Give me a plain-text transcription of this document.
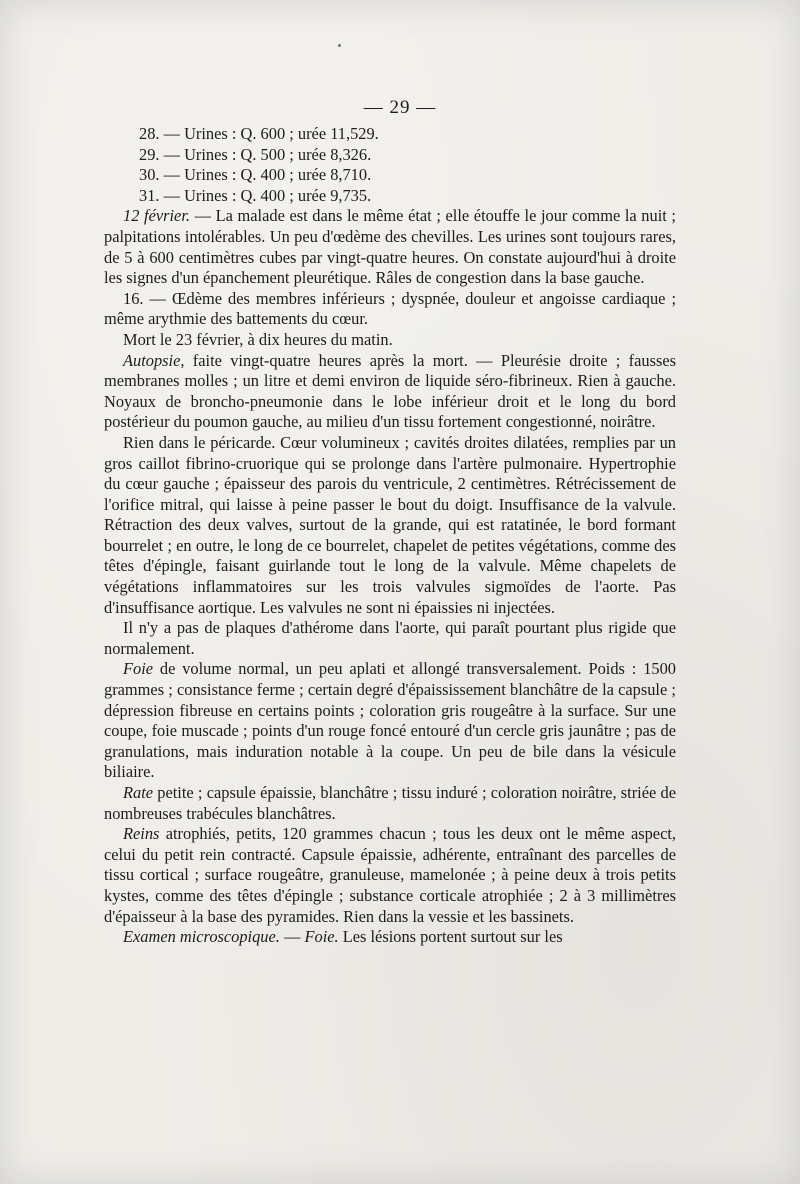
— 29 —

28. — Urines : Q. 600 ; urée 11,529.

29. — Urines : Q. 500 ; urée 8,326.

30. — Urines : Q. 400 ; urée 8,710.

31. — Urines : Q. 400 ; urée 9,735.

12 février. — La malade est dans le même état ; elle étouffe le jour comme la nuit ; palpitations intolérables. Un peu d'œdème des chevilles. Les urines sont toujours rares, de 5 à 600 centimètres cubes par vingt-quatre heures. On constate aujourd'hui à droite les signes d'un épanchement pleurétique. Râles de congestion dans la base gauche.

16. — Œdème des membres inférieurs ; dyspnée, douleur et angoisse cardiaque ; même arythmie des battements du cœur.

Mort le 23 février, à dix heures du matin.

Autopsie, faite vingt-quatre heures après la mort. — Pleurésie droite ; fausses membranes molles ; un litre et demi environ de liquide séro-fibrineux. Rien à gauche. Noyaux de broncho-pneumonie dans le lobe inférieur droit et le long du bord postérieur du poumon gauche, au milieu d'un tissu fortement congestionné, noirâtre.

Rien dans le péricarde. Cœur volumineux ; cavités droites dilatées, remplies par un gros caillot fibrino-cruorique qui se prolonge dans l'artère pulmonaire. Hypertrophie du cœur gauche ; épaisseur des parois du ventricule, 2 centimètres. Rétrécissement de l'orifice mitral, qui laisse à peine passer le bout du doigt. Insuffisance de la valvule. Rétraction des deux valves, surtout de la grande, qui est ratatinée, le bord formant bourrelet ; en outre, le long de ce bourrelet, chapelet de petites végétations, comme des têtes d'épingle, faisant guirlande tout le long de la valvule. Même chapelets de végétations inflammatoires sur les trois valvules sigmoïdes de l'aorte. Pas d'insuffisance aortique. Les valvules ne sont ni épaissies ni injectées.

Il n'y a pas de plaques d'athérome dans l'aorte, qui paraît pourtant plus rigide que normalement.

Foie de volume normal, un peu aplati et allongé transversalement. Poids : 1500 grammes ; consistance ferme ; certain degré d'épaississement blanchâtre de la capsule ; dépression fibreuse en certains points ; coloration gris rougeâtre à la surface. Sur une coupe, foie muscade ; points d'un rouge foncé entouré d'un cercle gris jaunâtre ; pas de granulations, mais induration notable à la coupe. Un peu de bile dans la vésicule biliaire.

Rate petite ; capsule épaissie, blanchâtre ; tissu induré ; coloration noirâtre, striée de nombreuses trabécules blanchâtres.

Reins atrophiés, petits, 120 grammes chacun ; tous les deux ont le même aspect, celui du petit rein contracté. Capsule épaissie, adhérente, entraînant des parcelles de tissu cortical ; surface rougeâtre, granuleuse, mamelonée ; à peine deux à trois petits kystes, comme des têtes d'épingle ; substance corticale atrophiée ; 2 à 3 millimètres d'épaisseur à la base des pyramides. Rien dans la vessie et les bassinets.

Examen microscopique. — Foie. Les lésions portent surtout sur les
